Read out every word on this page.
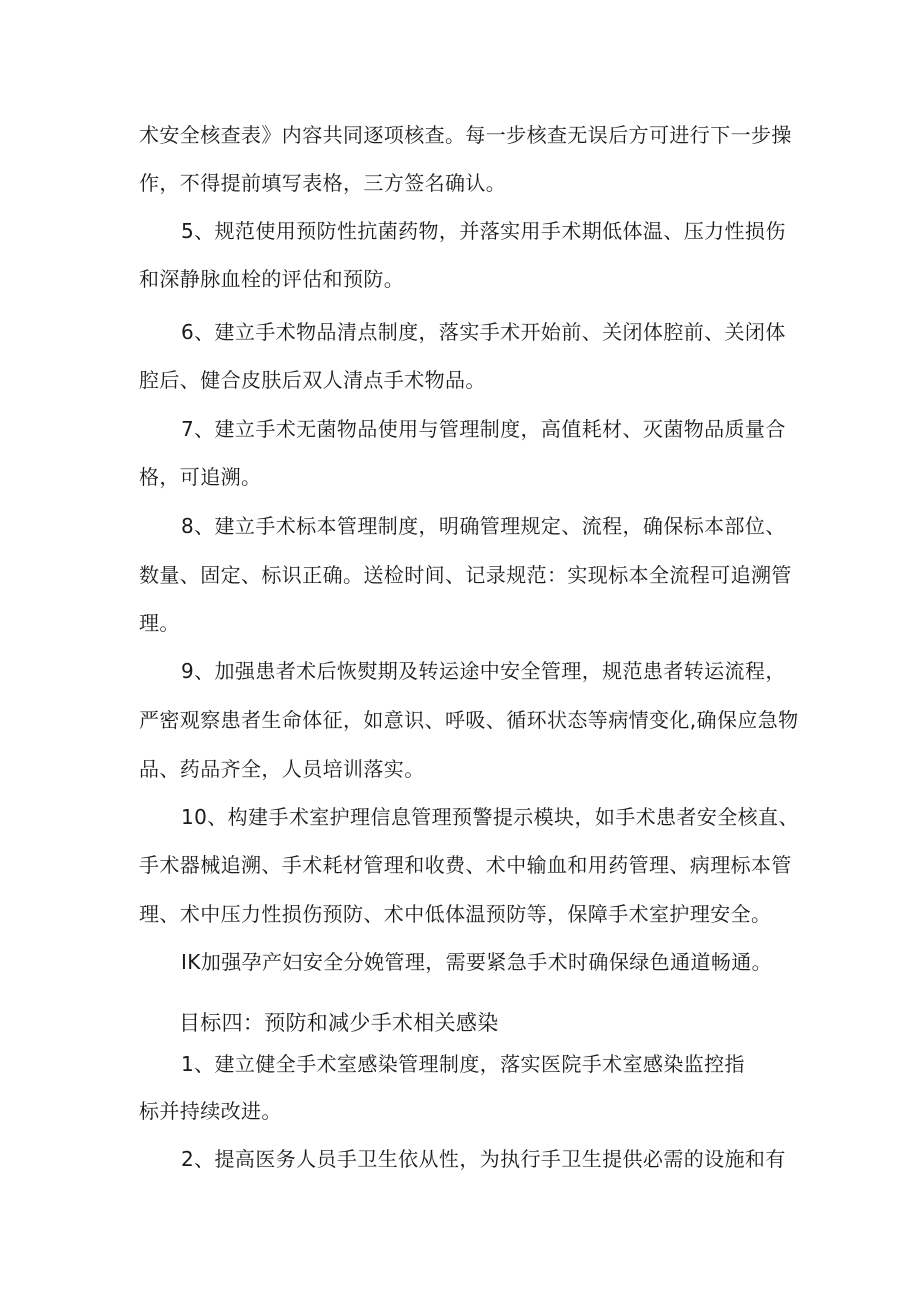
术安全核查表》内容共同逐项核查。每一步核查无误后方可进行下一步操
作，不得提前填写表格，三方签名确认。
5、规范使用预防性抗菌药物，并落实用手术期低体温、压力性损伤
和深静脉血栓的评估和预防。
6、建立手术物品清点制度，落实手术开始前、关闭体腔前、关闭体
腔后、健合皮肤后双人清点手术物品。
7、建立手术无菌物品使用与管理制度，高值耗材、灭菌物品质量合
格，可追溯。
8、建立手术标本管理制度，明确管理规定、流程，确保标本部位、
数量、固定、标识正确。送检时间、记录规范：实现标本全流程可追溯管
理。
9、加强患者术后恢熨期及转运途中安全管理，规范患者转运流程，
严密观察患者生命体征，如意识、呼吸、循环状态等病情变化,确保应急物
品、药品齐全，人员培训落实。
10、构建手术室护理信息管理预警提示模块，如手术患者安全核直、
手术器械追溯、手术耗材管理和收费、术中输血和用药管理、病理标本管
理、术中压力性损伤预防、术中低体温预防等，保障手术室护理安全。
IK加强孕产妇安全分娩管理，需要紧急手术时确保绿色通道畅通。
目标四：预防和减少手术相关感染
1、建立健全手术室感染管理制度，落实医院手术室感染监控指
标并持续改进。
2、提高医务人员手卫生依从性，为执行手卫生提供必需的设施和有
